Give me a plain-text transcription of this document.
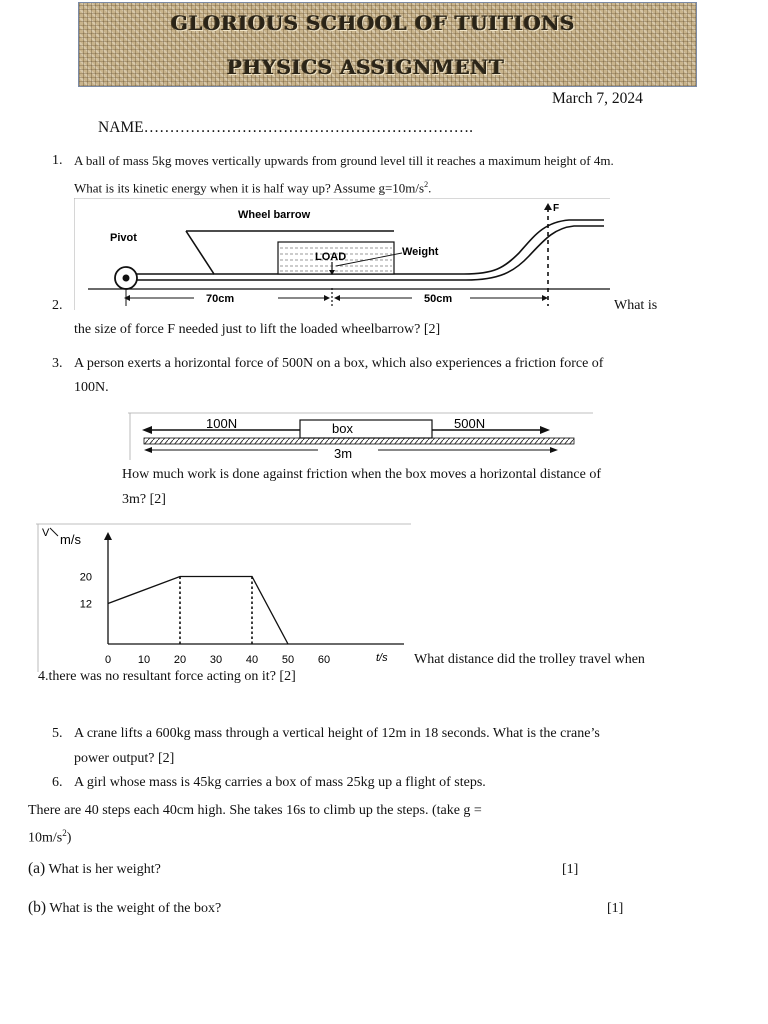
GLORIOUS SCHOOL OF TUITIONS
PHYSICS ASSIGNMENT
March 7, 2024
NAME……………………………………………………….
1. A ball of mass 5kg moves vertically upwards from ground level till it reaches a maximum height of 4m.
What is its kinetic energy when it is half way up? Assume $g=10m/s^2$.
Wheel barrow
Pivot
LOAD	Weight
F
70cm	50cm
2.	What is
the size of force F needed just to lift the loaded wheelbarrow? [2]
3. A person exerts a horizontal force of 500N on a box, which also experiences a friction force of
100N.
100N	box	500N
3m
How much work is done against friction when the box moves a horizontal distance of
3m? [2]
V m/s
0 10 20 30 40 50 60
12
20
t/s What distance did the trolley travel when
4.there was no resultant force acting on it? [2]
5. A crane lifts a 600kg mass through a vertical height of 12m in 18 seconds. What is the crane’s
power output? [2]
6. A girl whose mass is 45kg carries a box of mass 25kg up a flight of steps.
There are 40 steps each 40cm high. She takes 16s to climb up the steps. (take g =
$10m/s^2$)
(a) What is her weight?	[1]
(b) What is the weight of the box?	[1]
